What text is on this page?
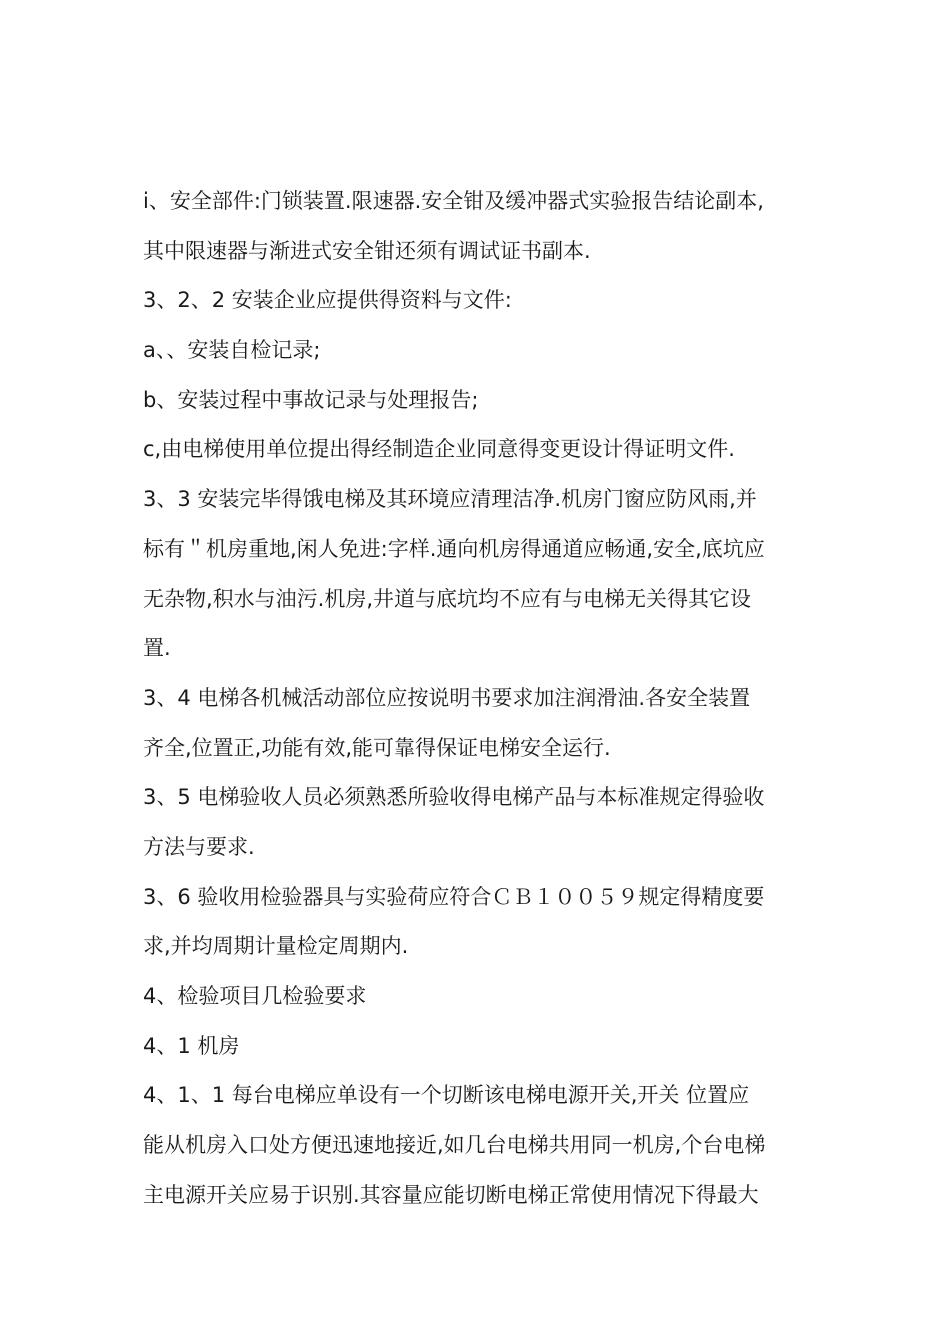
i、安全部件:门锁装置.限速器.安全钳及缓冲器式实验报告结论副本,
其中限速器与渐进式安全钳还须有调试证书副本.
3、2、2 安装企业应提供得资料与文件:
a、、安装自检记录;
b、安装过程中事故记录与处理报告;
c,由电梯使用单位提出得经制造企业同意得变更设计得证明文件.
3、3 安装完毕得饿电梯及其环境应清理洁净.机房门窗应防风雨,并
标有＂机房重地,闲人免进:字样.通向机房得通道应畅通,安全,底坑应
无杂物,积水与油污.机房,井道与底坑均不应有与电梯无关得其它设
置.
3、4 电梯各机械活动部位应按说明书要求加注润滑油.各安全装置
齐全,位置正,功能有效,能可靠得保证电梯安全运行.
3、5 电梯验收人员必须熟悉所验收得电梯产品与本标准规定得验收
方法与要求.
3、6 验收用检验器具与实验荷应符合ＣＢ１００５９规定得精度要
求,并均周期计量检定周期内.
4、检验项目几检验要求
4、1 机房
4、1、1 每台电梯应单设有一个切断该电梯电源开关,开关 位置应
能从机房入口处方便迅速地接近,如几台电梯共用同一机房,个台电梯
主电源开关应易于识别.其容量应能切断电梯正常使用情况下得最大
